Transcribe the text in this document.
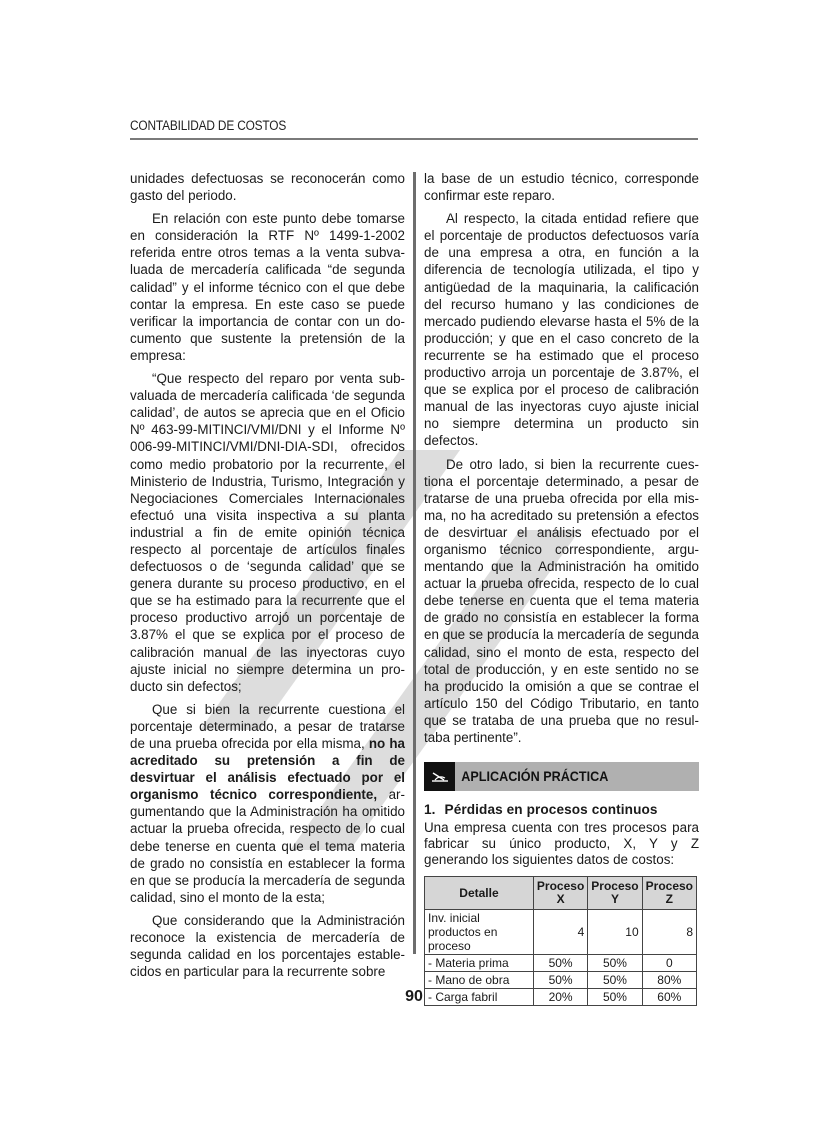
CONTABILIDAD DE COSTOS

unidades defectuosas se reconocerán como gasto del periodo.

En relación con este punto debe tomarse en consideración la RTF Nº 1499-1-2002 referida entre otros temas a la venta subvaluada de mercadería calificada “de segunda calidad” y el informe técnico con el que debe contar la empresa. En este caso se puede verificar la importancia de contar con un documento que sustente la pretensión de la empresa:

“Que respecto del reparo por venta subvaluada de mercadería calificada ‘de segunda calidad’, de autos se aprecia que en el Oficio Nº 463-99-MITINCI/VMI/DNI y el Informe Nº 006-99-MITINCI/VMI/DNI-DIA-SDI, ofrecidos como medio probatorio por la recurrente, el Ministerio de Industria, Turismo, Integración y Negociaciones Comerciales Internacionales efectuó una visita inspectiva a su planta industrial a fin de emite opinión técnica respecto al porcentaje de artículos finales defectuosos o de ‘segunda calidad’ que se genera durante su proceso productivo, en el que se ha estimado para la recurrente que el proceso productivo arrojó un porcentaje de 3.87% el que se explica por el proceso de calibración manual de las inyectoras cuyo ajuste inicial no siempre determina un producto sin defectos;

Que si bien la recurrente cuestiona el porcentaje determinado, a pesar de tratarse de una prueba ofrecida por ella misma, no ha acreditado su pretensión a fin de desvirtuar el análisis efectuado por el organismo técnico correspondiente, argumentando que la Administración ha omitido actuar la prueba ofrecida, respecto de lo cual debe tenerse en cuenta que el tema materia de grado no consistía en establecer la forma en que se producía la mercadería de segunda calidad, sino el monto de la esta;

Que considerando que la Administración reconoce la existencia de mercadería de segunda calidad en los porcentajes establecidos en particular para la recurrente sobre

la base de un estudio técnico, corresponde confirmar este reparo.

Al respecto, la citada entidad refiere que el porcentaje de productos defectuosos varía de una empresa a otra, en función a la diferencia de tecnología utilizada, el tipo y antigüedad de la maquinaria, la calificación del recurso humano y las condiciones de mercado pudiendo elevarse hasta el 5% de la producción; y que en el caso concreto de la recurrente se ha estimado que el proceso productivo arroja un porcentaje de 3.87%, el que se explica por el proceso de calibración manual de las inyectoras cuyo ajuste inicial no siempre determina un producto sin defectos.

De otro lado, si bien la recurrente cuestiona el porcentaje determinado, a pesar de tratarse de una prueba ofrecida por ella misma, no ha acreditado su pretensión a efectos de desvirtuar el análisis efectuado por el organismo técnico correspondiente, argumentando que la Administración ha omitido actuar la prueba ofrecida, respecto de lo cual debe tenerse en cuenta que el tema materia de grado no consistía en establecer la forma en que se producía la mercadería de segunda calidad, sino el monto de esta, respecto del total de producción, y en este sentido no se ha producido la omisión a que se contrae el artículo 150 del Código Tributario, en tanto que se trataba de una prueba que no resultaba pertinente”.

APLICACIÓN PRÁCTICA
1. Pérdidas en procesos continuos

Una empresa cuenta con tres procesos para fabricar su único producto, X, Y y Z generando los siguientes datos de costos:

Detalle	Proceso X	Proceso Y	Proceso Z
Inv. inicial productos en proceso	4	10	8
- Materia prima	50%	50%	0
- Mano de obra	50%	50%	80%
- Carga fabril	20%	50%	60%
90
